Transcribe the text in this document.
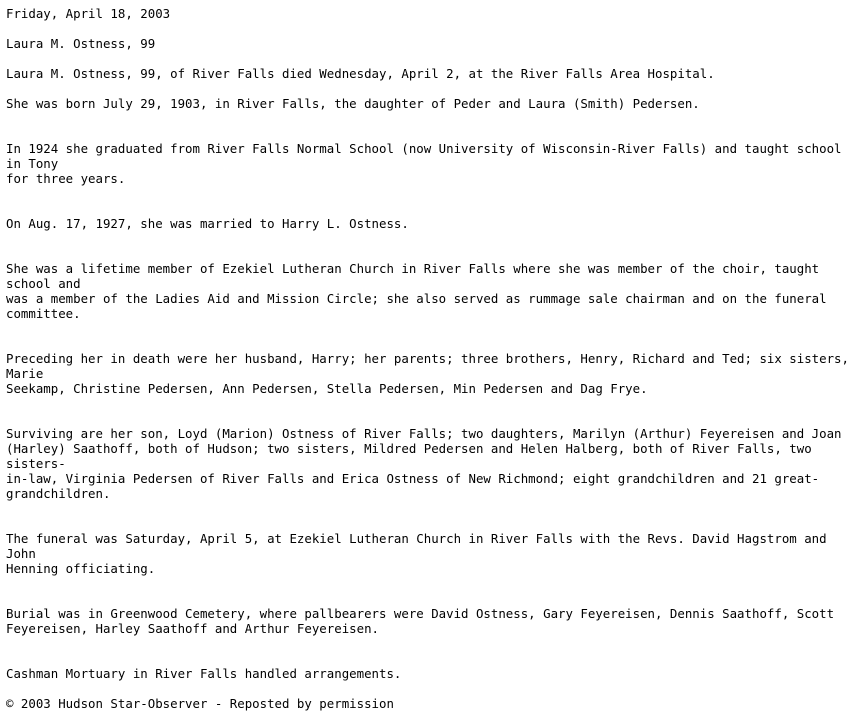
Friday, April 18, 2003
Laura M. Ostness, 99
Laura M. Ostness, 99, of River Falls died Wednesday, April 2, at the River Falls Area Hospital.
She was born July 29, 1903, in River Falls, the daughter of Peder and Laura (Smith) Pedersen.
In 1924 she graduated from River Falls Normal School (now University of Wisconsin-River Falls) and taught school in Tony
for three years.
On Aug. 17, 1927, she was married to Harry L. Ostness.
She was a lifetime member of Ezekiel Lutheran Church in River Falls where she was member of the choir, taught school and
was a member of the Ladies Aid and Mission Circle; she also served as rummage sale chairman and on the funeral
committee.
Preceding her in death were her husband, Harry; her parents; three brothers, Henry, Richard and Ted; six sisters, Marie
Seekamp, Christine Pedersen, Ann Pedersen, Stella Pedersen, Min Pedersen and Dag Frye.
Surviving are her son, Loyd (Marion) Ostness of River Falls; two daughters, Marilyn (Arthur) Feyereisen and Joan
(Harley) Saathoff, both of Hudson; two sisters, Mildred Pedersen and Helen Halberg, both of River Falls, two sisters-
in-law, Virginia Pedersen of River Falls and Erica Ostness of New Richmond; eight grandchildren and 21 great-
grandchildren.
The funeral was Saturday, April 5, at Ezekiel Lutheran Church in River Falls with the Revs. David Hagstrom and John
Henning officiating.
Burial was in Greenwood Cemetery, where pallbearers were David Ostness, Gary Feyereisen, Dennis Saathoff, Scott
Feyereisen, Harley Saathoff and Arthur Feyereisen.
Cashman Mortuary in River Falls handled arrangements.
© 2003 Hudson Star-Observer - Reposted by permission
